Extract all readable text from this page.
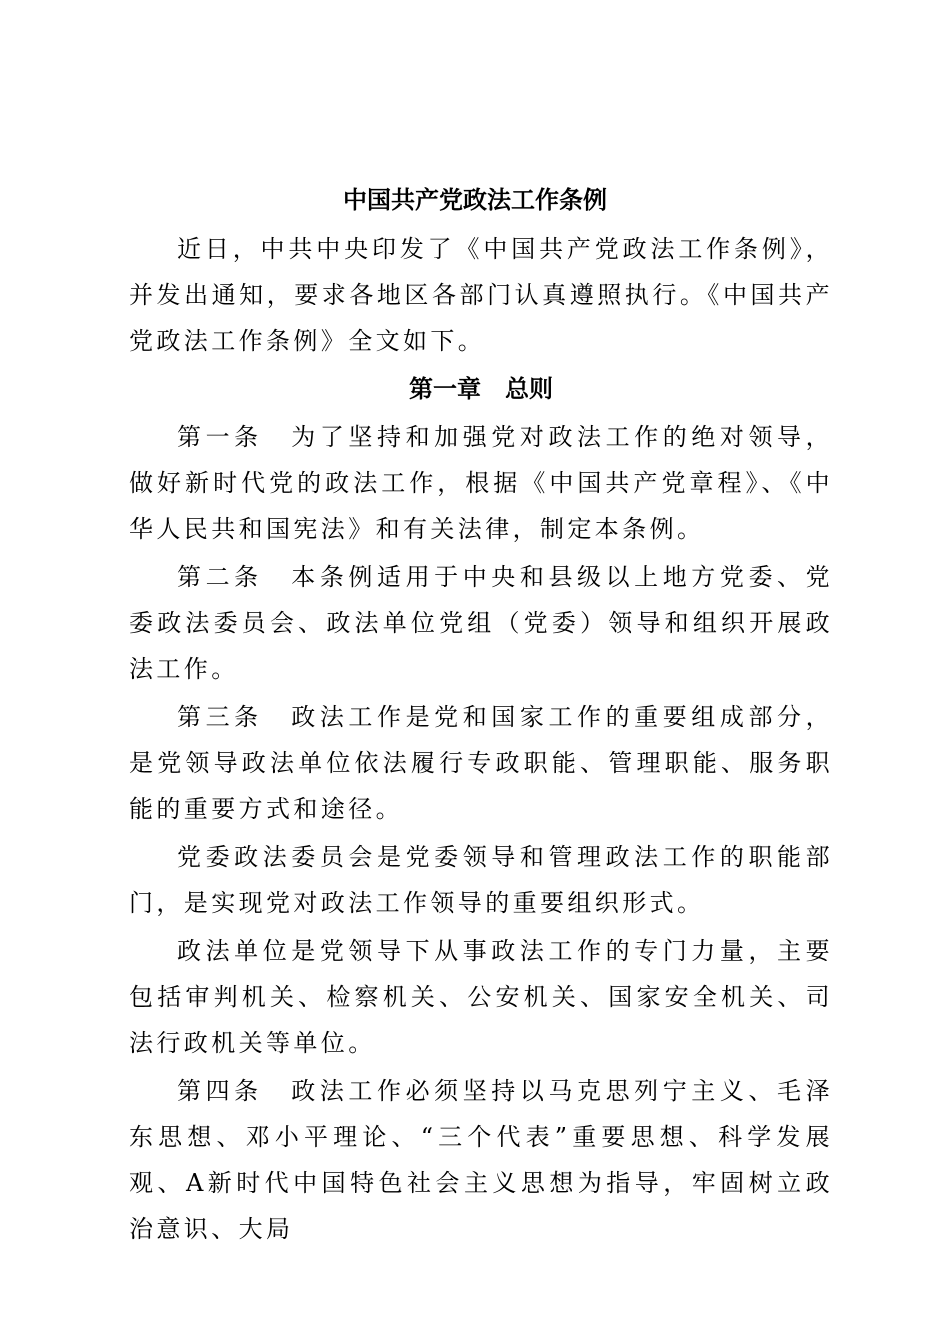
中国共产党政法工作条例

近日，中共中央印发了《中国共产党政法工作条例》，并发出通知，要求各地区各部门认真遵照执行。《中国共产党政法工作条例》全文如下。

第一章　总则

第一条　为了坚持和加强党对政法工作的绝对领导，做好新时代党的政法工作，根据《中国共产党章程》、《中华人民共和国宪法》和有关法律，制定本条例。

第二条　本条例适用于中央和县级以上地方党委、党委政法委员会、政法单位党组（党委）领导和组织开展政法工作。

第三条　政法工作是党和国家工作的重要组成部分，是党领导政法单位依法履行专政职能、管理职能、服务职能的重要方式和途径。

党委政法委员会是党委领导和管理政法工作的职能部门，是实现党对政法工作领导的重要组织形式。

政法单位是党领导下从事政法工作的专门力量，主要包括审判机关、检察机关、公安机关、国家安全机关、司法行政机关等单位。

第四条　政法工作必须坚持以马克思列宁主义、毛泽东思想、邓小平理论、“三个代表”重要思想、科学发展观、A新时代中国特色社会主义思想为指导，牢固树立政治意识、大局
